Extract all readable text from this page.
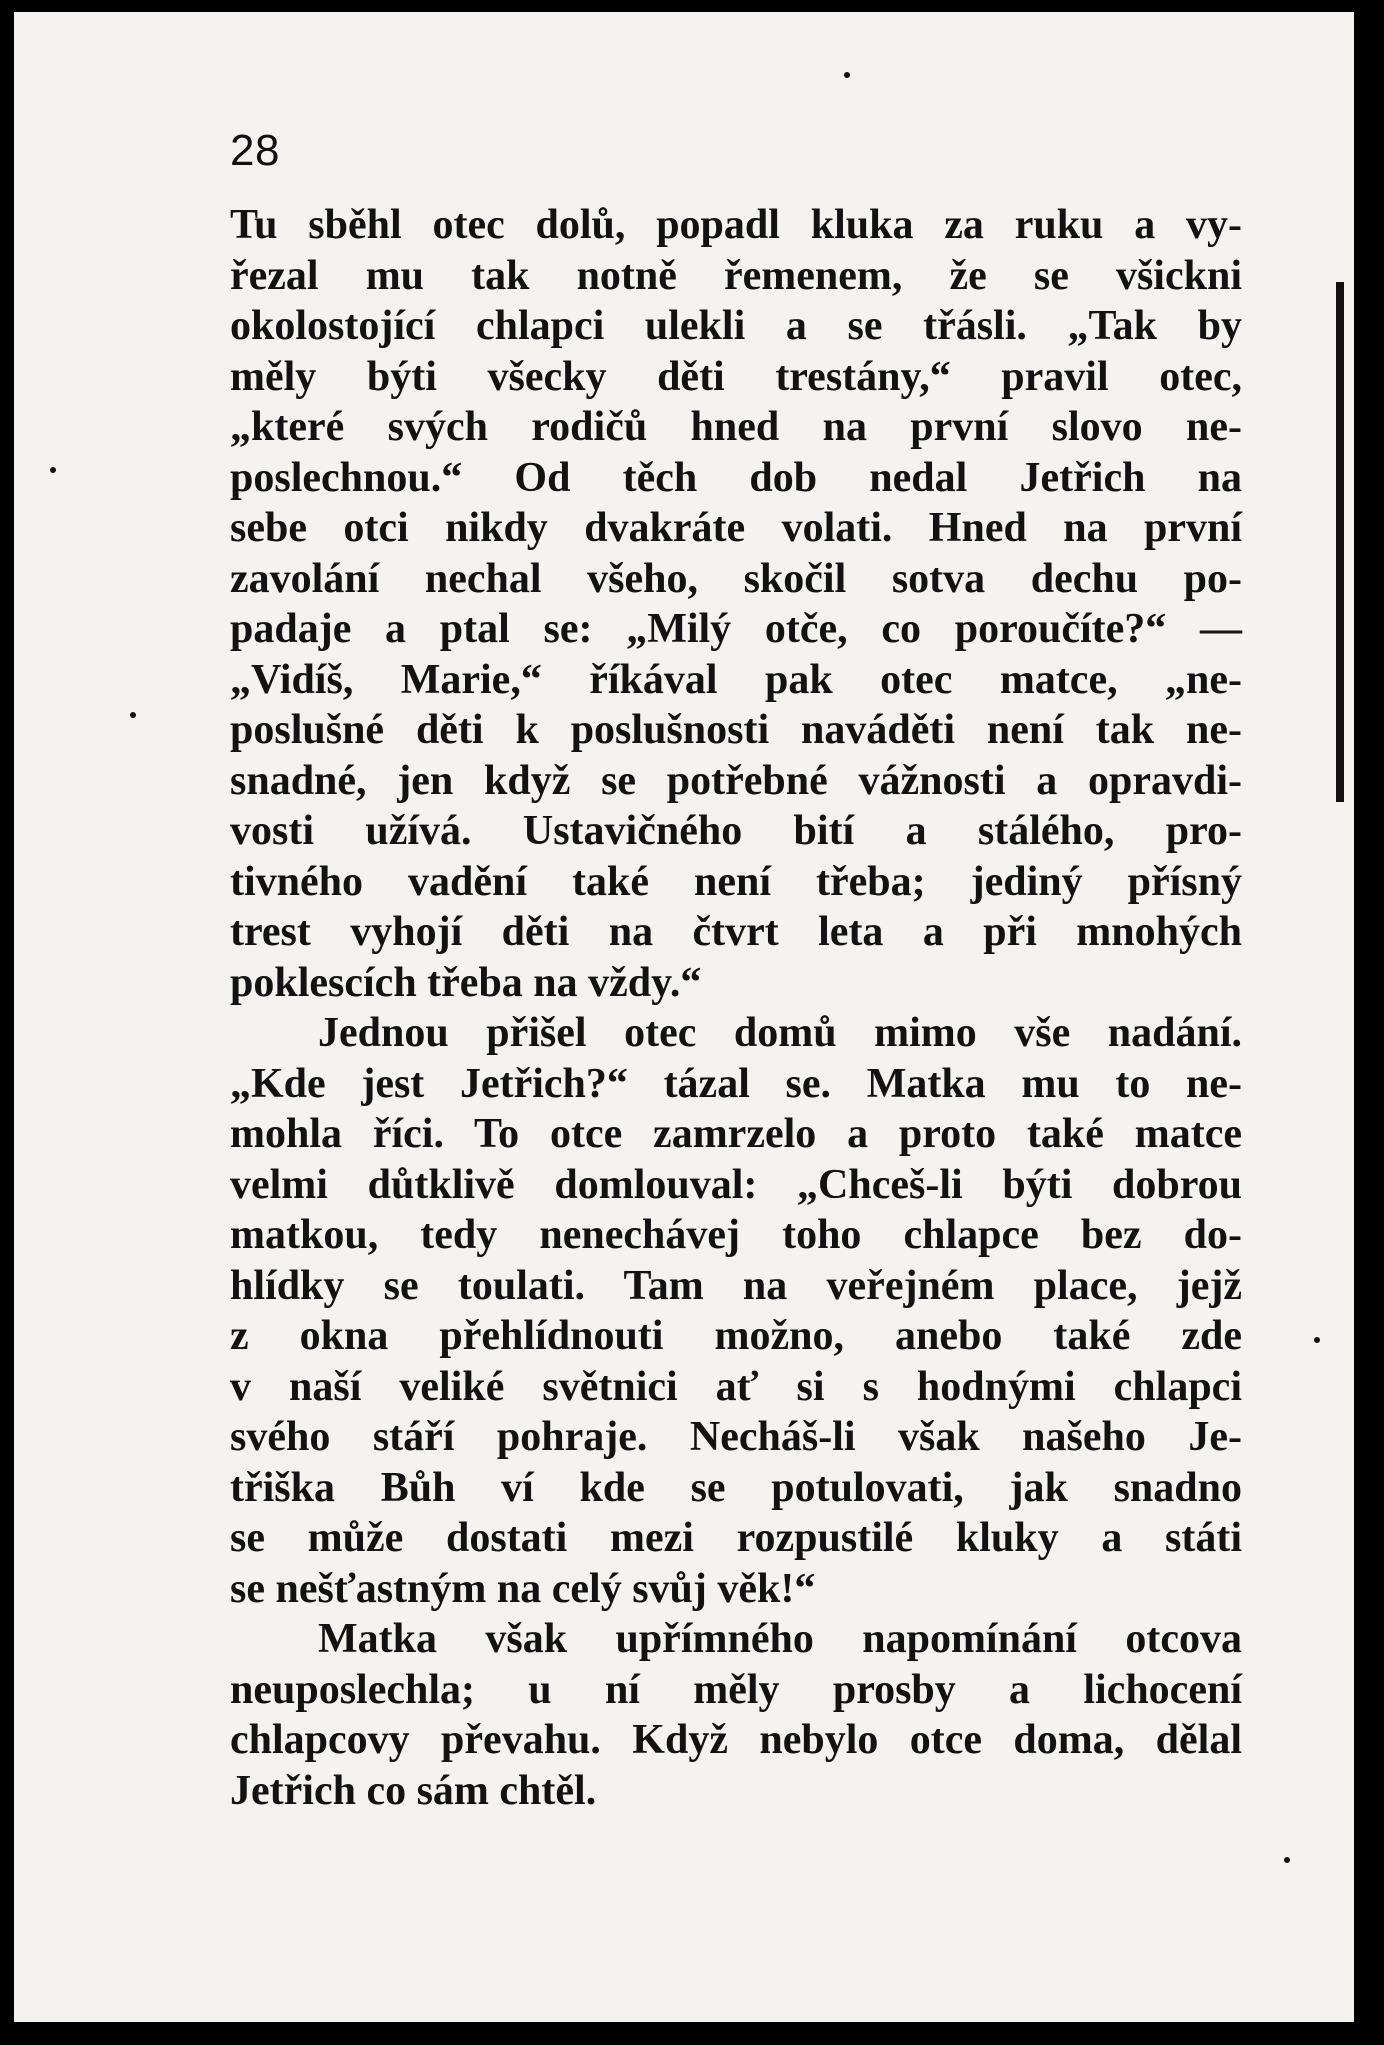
28
Tu sběhl otec dolů, popadl kluka za ruku a vy-
řezal mu tak notně řemenem, že se všickni
okolostojící chlapci ulekli a se třásli. „Tak by
měly býti všecky děti trestány,“ pravil otec,
„které svých rodičů hned na první slovo ne-
poslechnou.“ Od těch dob nedal Jetřich na
sebe otci nikdy dvakráte volati. Hned na první
zavolání nechal všeho, skočil sotva dechu po-
padaje a ptal se: „Milý otče, co poroučíte?“ —
„Vidíš, Marie,“ říkával pak otec matce, „ne-
poslušné děti k poslušnosti naváděti není tak ne-
snadné, jen když se potřebné vážnosti a opravdi-
vosti užívá. Ustavičného bití a stálého, pro-
tivného vadění také není třeba; jediný přísný
trest vyhojí děti na čtvrt leta a při mnohých
poklescích třeba na vždy.“
Jednou přišel otec domů mimo vše nadání.
„Kde jest Jetřich?“ tázal se. Matka mu to ne-
mohla říci. To otce zamrzelo a proto také matce
velmi důtklivě domlouval: „Chceš-li býti dobrou
matkou, tedy nenechávej toho chlapce bez do-
hlídky se toulati. Tam na veřejném place, jejž
z okna přehlídnouti možno, anebo také zde
v naší veliké světnici ať si s hodnými chlapci
svého stáří pohraje. Necháš-li však našeho Je-
třiška Bůh ví kde se potulovati, jak snadno
se může dostati mezi rozpustilé kluky a státi
se nešťastným na celý svůj věk!“
Matka však upřímného napomínání otcova
neuposlechla; u ní měly prosby a lichocení
chlapcovy převahu. Když nebylo otce doma, dělal
Jetřich co sám chtěl.
